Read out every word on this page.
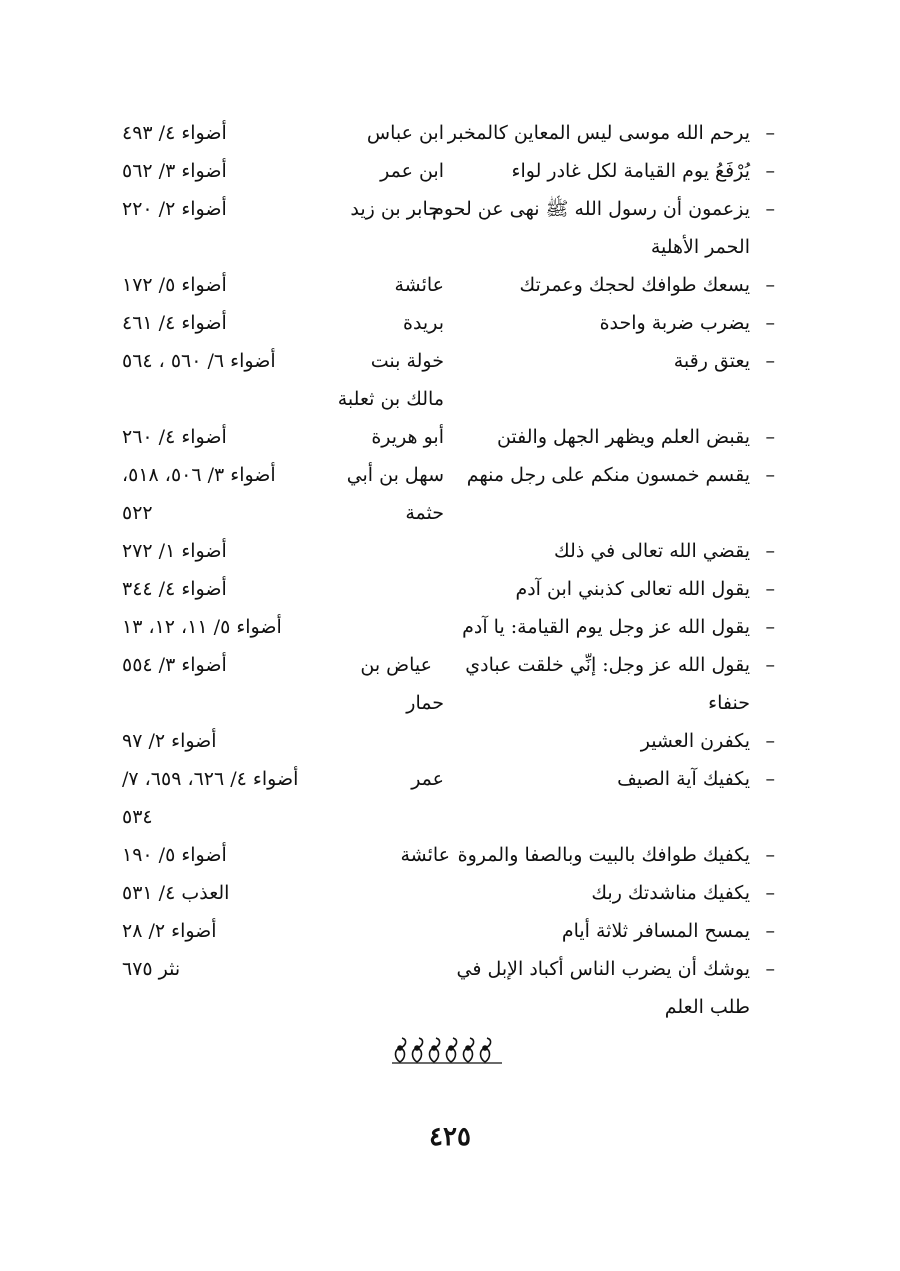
–
يرحم الله موسى ليس المعاين كالمخبر
ابن عباس
أضواء ٤/ ٤٩٣
–
يُرْفَعُ يوم القيامة لكل غادر لواء
ابن عمر
أضواء ٣/ ٥٦٢
–
يزعمون أن رسول الله ﷺ نهى عن لحوم
جابر بن زيد
أضواء ٢/ ٢٢٠
الحمر الأهلية
–
يسعك طوافك لحجك وعمرتك
عائشة
أضواء ٥/ ١٧٢
–
يضرب ضربة واحدة
بريدة
أضواء ٤/ ٤٦١
–
يعتق رقبة
خولة بنت
أضواء ٦/ ٥٦٠ ، ٥٦٤
مالك بن ثعلبة
–
يقبض العلم ويظهر الجهل والفتن
أبو هريرة
أضواء ٤/ ٢٦٠
–
يقسم خمسون منكم على رجل منهم
سهل بن أبي
أضواء ٣/ ٥٠٦، ٥١٨،
حثمة
٥٢٢
–
يقضي الله تعالى في ذلك
أضواء ١/ ٢٧٢
–
يقول الله تعالى كذبني ابن آدم
أضواء ٤/ ٣٤٤
–
يقول الله عز وجل يوم القيامة: يا آدم
أضواء ٥/ ١١، ١٢، ١٣
–
يقول الله عز وجل: إنِّي خلقت عبادي
عياض بن
أضواء ٣/ ٥٥٤
حنفاء
حمار
–
يكفرن العشير
أضواء ٢/ ٩٧
–
يكفيك آية الصيف
عمر
أضواء ٤/ ٦٢٦، ٦٥٩، ٧/
٥٣٤
–
يكفيك طوافك بالبيت وبالصفا والمروة
عائشة
أضواء ٥/ ١٩٠
–
يكفيك مناشدتك ربك
العذب ٤/ ٥٣١
–
يمسح المسافر ثلاثة أيام
أضواء ٢/ ٢٨
–
يوشك أن يضرب الناس أكباد الإبل في
نثر ٦٧٥
طلب العلم
٤٢٥
